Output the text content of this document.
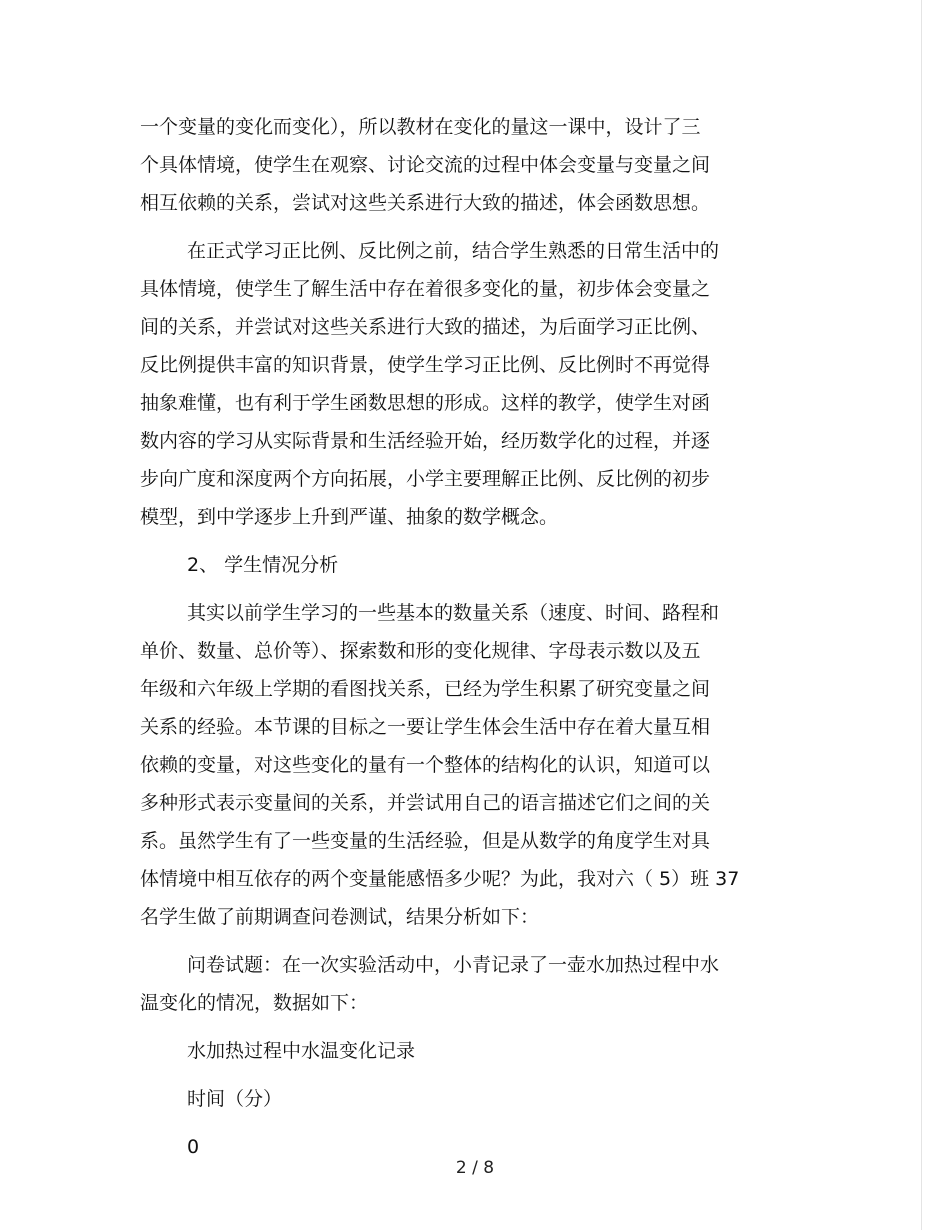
一个变量的变化而变化），所以教材在变化的量这一课中，设计了三
个具体情境，使学生在观察、讨论交流的过程中体会变量与变量之间
相互依赖的关系，尝试对这些关系进行大致的描述，体会函数思想。
在正式学习正比例、反比例之前，结合学生熟悉的日常生活中的
具体情境，使学生了解生活中存在着很多变化的量，初步体会变量之
间的关系，并尝试对这些关系进行大致的描述，为后面学习正比例、
反比例提供丰富的知识背景，使学生学习正比例、反比例时不再觉得
抽象难懂，也有利于学生函数思想的形成。这样的教学，使学生对函
数内容的学习从实际背景和生活经验开始，经历数学化的过程，并逐
步向广度和深度两个方向拓展，小学主要理解正比例、反比例的初步
模型，到中学逐步上升到严谨、抽象的数学概念。
2、 学生情况分析
其实以前学生学习的一些基本的数量关系（速度、时间、路程和
单价、数量、总价等）、探索数和形的变化规律、字母表示数以及五
年级和六年级上学期的看图找关系，已经为学生积累了研究变量之间
关系的经验。本节课的目标之一要让学生体会生活中存在着大量互相
依赖的变量，对这些变化的量有一个整体的结构化的认识，知道可以
多种形式表示变量间的关系，并尝试用自己的语言描述它们之间的关
系。虽然学生有了一些变量的生活经验，但是从数学的角度学生对具
体情境中相互依存的两个变量能感悟多少呢？为此，我对六（ 5）班 37
名学生做了前期调查问卷测试，结果分析如下：
问卷试题：在一次实验活动中，小青记录了一壶水加热过程中水
温变化的情况，数据如下：
水加热过程中水温变化记录
时间（分）
0
2 / 8
